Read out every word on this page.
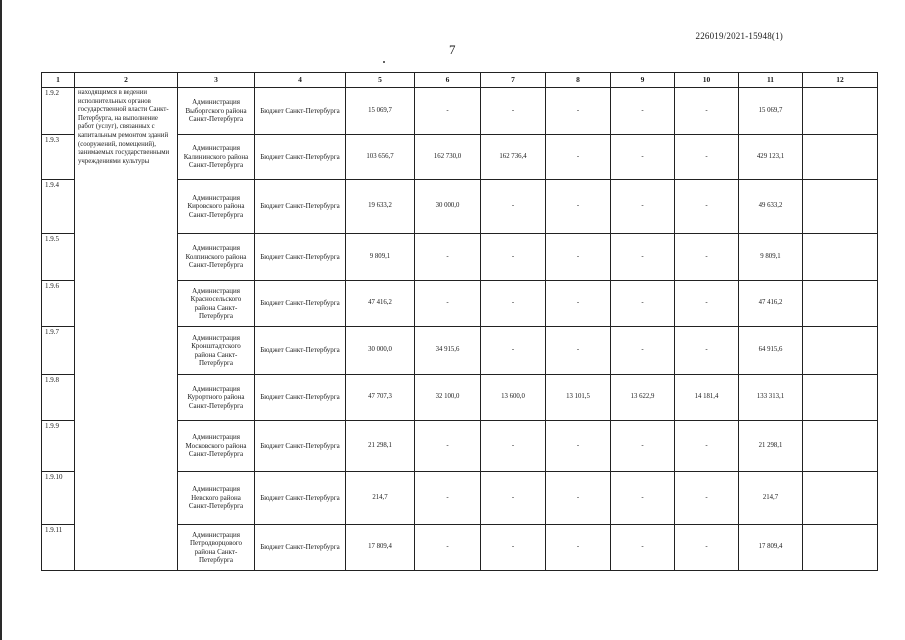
226019/2021-15948(1)
7
1	2	3	4	5	6	7	8	9	10	11	12
1.9.2	находящимся в ведении исполнительных органов государственной власти Санкт-Петербурга, на выполнение работ (услуг), связанных с капитальным ремонтом зданий (сооружений, помещений), занимаемых государственными учреждениями культуры	Администрация Выборгского района Санкт-Петербурга	Бюджет Санкт-Петербурга	15 069,7	-	-	-	-	-	15 069,7	
1.9.3		Администрация Калининского района Санкт-Петербурга	Бюджет Санкт-Петербурга	103 656,7	162 730,0	162 736,4	-	-	-	429 123,1	
1.9.4		Администрация Кировского района Санкт-Петербурга	Бюджет Санкт-Петербурга	19 633,2	30 000,0	-	-	-	-	49 633,2	
1.9.5		Администрация Колпинского района Санкт-Петербурга	Бюджет Санкт-Петербурга	9 809,1	-	-	-	-	-	9 809,1	
1.9.6		Администрация Красносельского района Санкт-Петербурга	Бюджет Санкт-Петербурга	47 416,2	-	-	-	-	-	47 416,2	
1.9.7		Администрация Кронштадтского района Санкт-Петербурга	Бюджет Санкт-Петербурга	30 000,0	34 915,6	-	-	-	-	64 915,6	
1.9.8		Администрация Курортного района Санкт-Петербурга	Бюджет Санкт-Петербурга	47 707,3	32 100,0	13 600,0	13 101,5	13 622,9	14 181,4	133 313,1	
1.9.9		Администрация Московского района Санкт-Петербурга	Бюджет Санкт-Петербурга	21 298,1	-	-	-	-	-	21 298,1	
1.9.10		Администрация Невского района Санкт-Петербурга	Бюджет Санкт-Петербурга	214,7	-	-	-	-	-	214,7	
1.9.11		Администрация Петродворцового района Санкт-Петербурга	Бюджет Санкт-Петербурга	17 809,4	-	-	-	-	-	17 809,4	
